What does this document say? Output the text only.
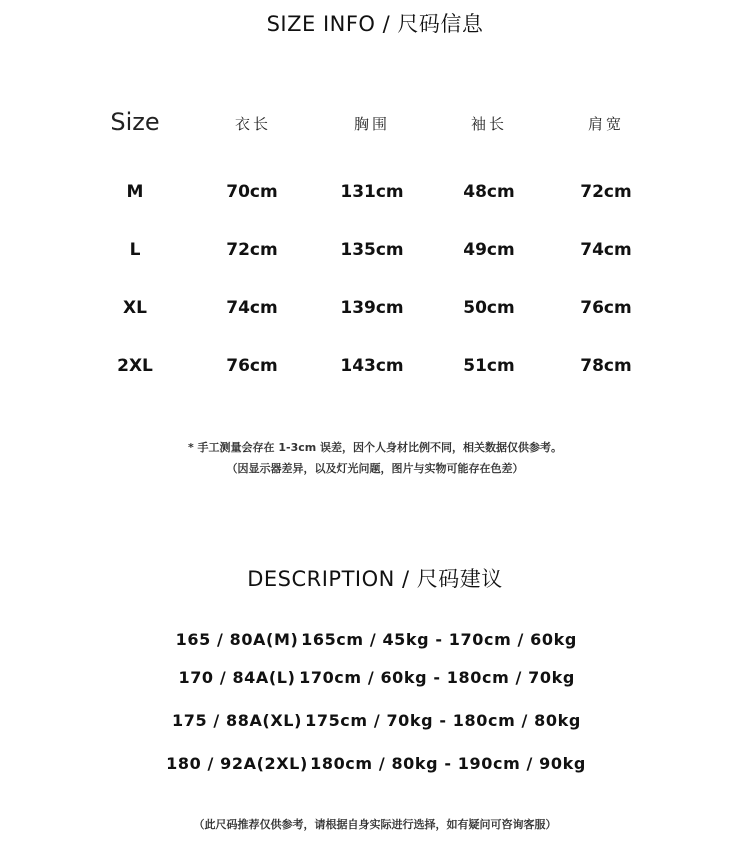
SIZE INFO / 尺码信息
Size	衣长	胸围	袖长	肩宽
M	70cm	131cm	48cm	72cm
L	72cm	135cm	49cm	74cm
XL	74cm	139cm	50cm	76cm
2XL	76cm	143cm	51cm	78cm
* 手工测量会存在 1-3cm 误差，因个人身材比例不同，相关数据仅供参考。
（因显示器差异，以及灯光问题，图片与实物可能存在色差）
DESCRIPTION / 尺码建议
165 / 80A(M) 165cm / 45kg - 170cm / 60kg
170 / 84A(L) 170cm / 60kg - 180cm / 70kg
175 / 88A(XL) 175cm / 70kg - 180cm / 80kg
180 / 92A(2XL) 180cm / 80kg - 190cm / 90kg
（此尺码推荐仅供参考，请根据自身实际进行选择，如有疑问可咨询客服）
